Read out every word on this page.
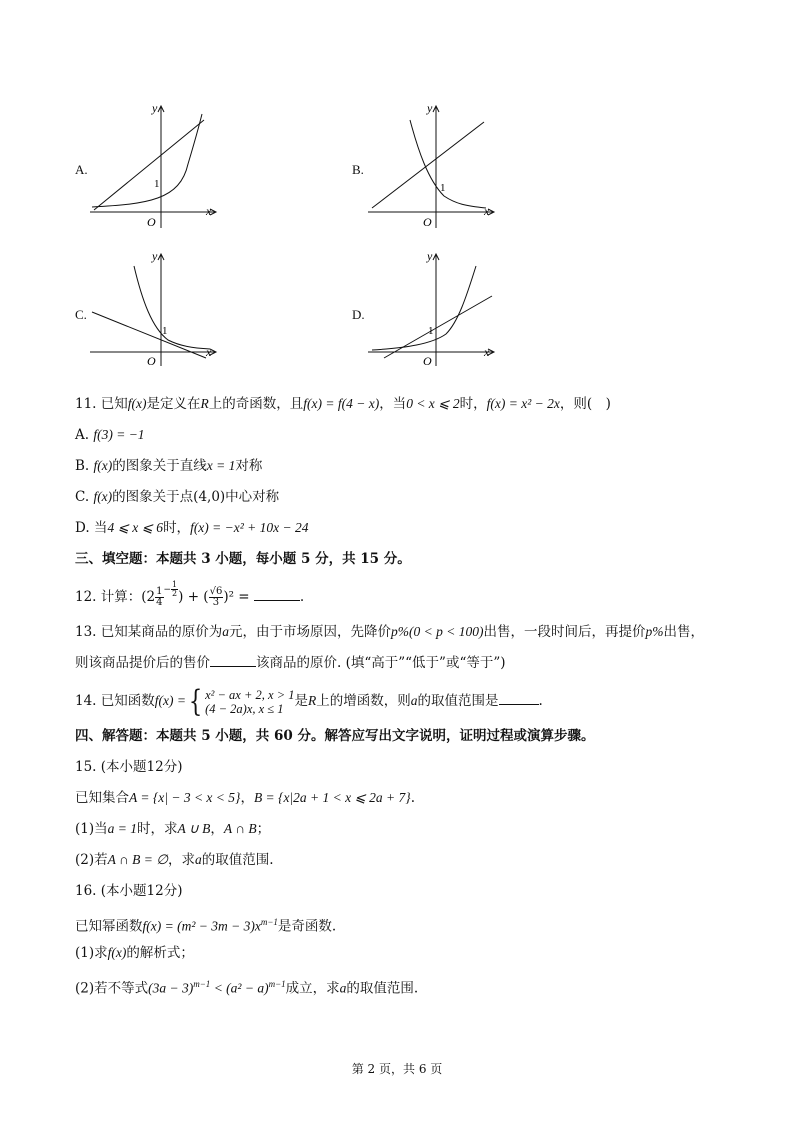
A.
y
x
O
1
B.
y
x
O
1
C.
y
x
O
1
D.
y
x
O
1
11. 已知f(x)是定义在R上的奇函数，且f(x) = f(4 − x)，当0 < x ⩽ 2时，f(x) = x² − 2x，则(　)
A. f(3) = −1
B. f(x)的图象关于直线x = 1对称
C. f(x)的图象关于点(4,0)中心对称
D. 当4 ⩽ x ⩽ 6时，f(x) = −x² + 10x − 24
三、填空题：本题共 3 小题，每小题 5 分，共 15 分。
12. 计算：($2 \frac{1}{4} ^{- \frac{1}{2}}$ ) + ( $\frac{√6}{3} )^2$ =	.
13. 已知某商品的原价为a元，由于市场原因，先降价p%(0 < p < 100)出售，一段时间后，再提价p%出售，
则该商品提价后的售价	该商品的原价. (填“高于”“低于”或“等于”)
14. 已知函数f(x) ={ x² − ax + 2, x > 1
(4 − 2a)x, x ≤ 1 是R上的增函数，则a的取值范围是	.
四、解答题：本题共 5 小题，共 60 分。解答应写出文字说明，证明过程或演算步骤。
15. (本小题12分)
已知集合A = {x| − 3 < x < 5}，B = {x|2a + 1 < x ⩽ 2a + 7}.
(1)当a = 1时，求A ∪ B，A ∩ B；
(2)若A ∩ B = ∅，求a的取值范围.
16. (本小题12分)
已知幂函数$f(x) = (m^2 - 3m - 3)x^{m-1}$是奇函数.
(1)求f(x)的解析式；
(2)若不等式$(3a - 3)^{m-1} < (a^2 - a)^{m-1}$成立，求a的取值范围.
第 2 页，共 6 页
